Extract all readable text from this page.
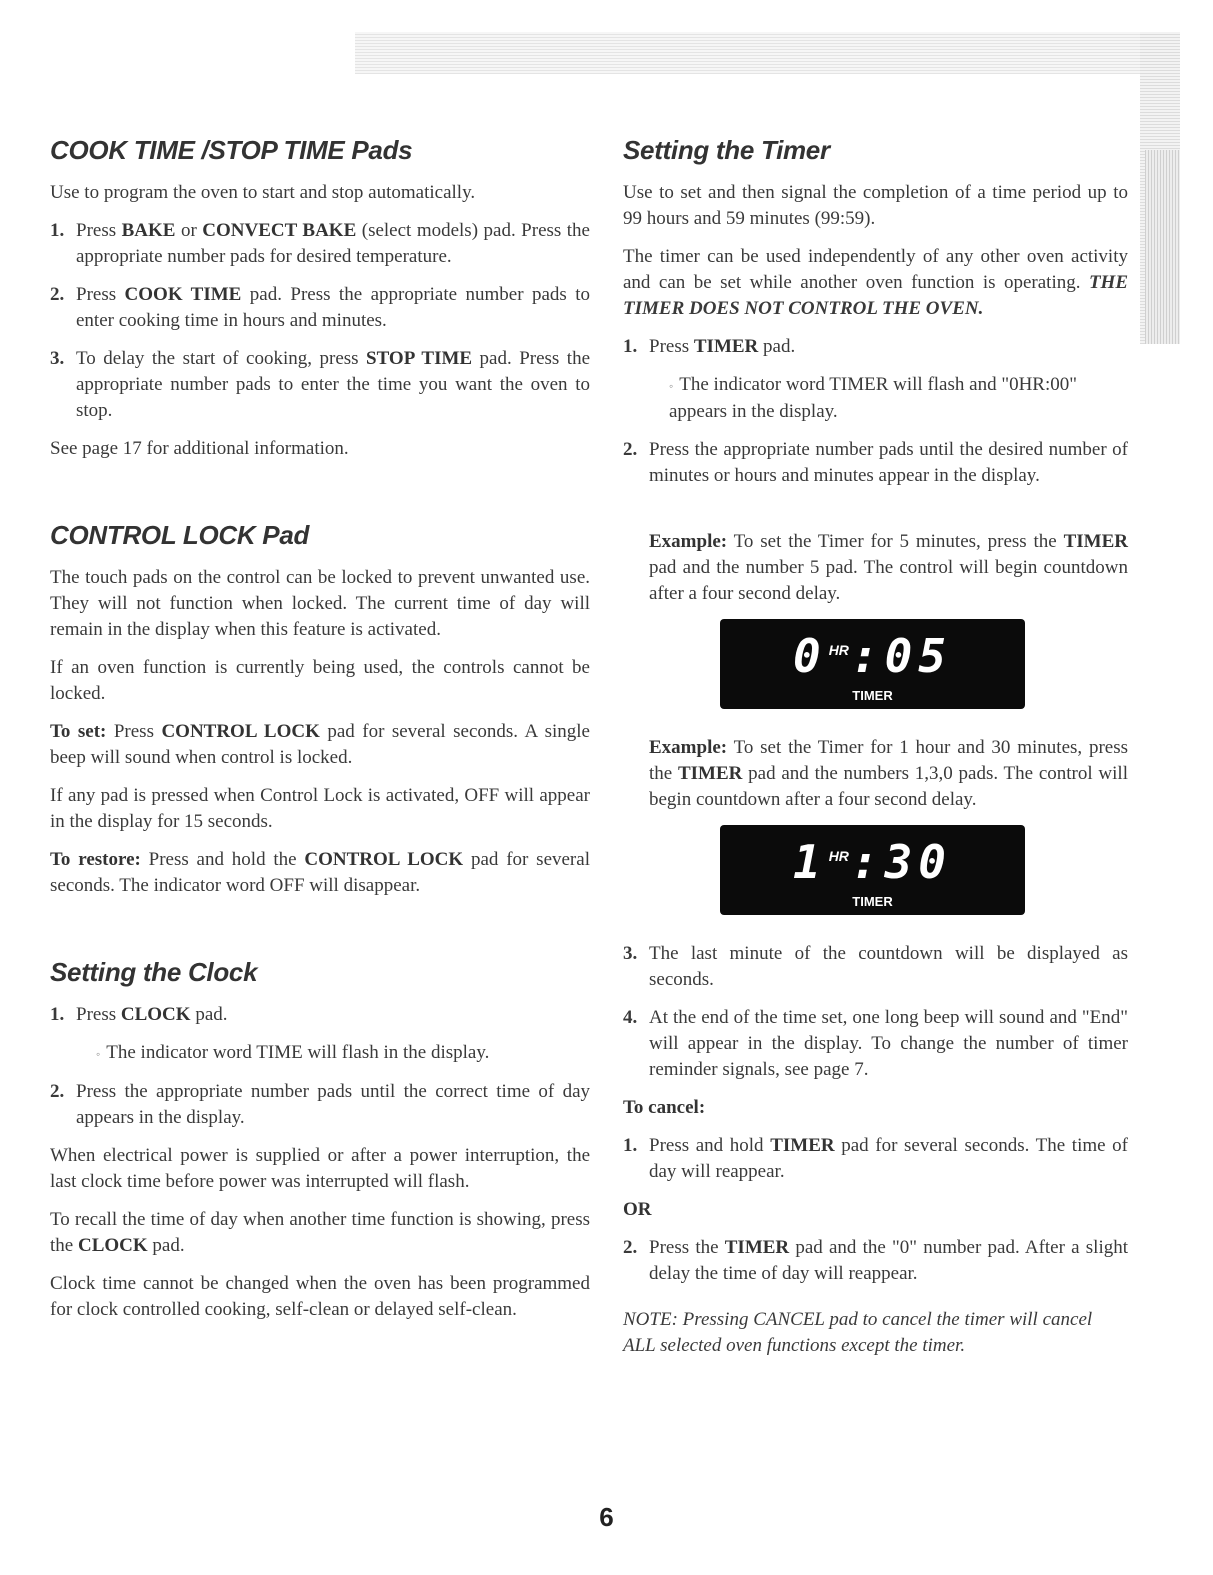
COOK TIME /STOP TIME Pads

Use to program the oven to start and stop automatically.

1. Press BAKE or CONVECT BAKE (select models) pad. Press the appropriate number pads for desired temperature.
2. Press COOK TIME pad. Press the appropriate number pads to enter cooking time in hours and minutes.
3. To delay the start of cooking, press STOP TIME pad. Press the appropriate number pads to enter the time you want the oven to stop.

See page 17 for additional information.

CONTROL LOCK Pad

The touch pads on the control can be locked to prevent unwanted use. They will not function when locked. The current time of day will remain in the display when this feature is activated.

If an oven function is currently being used, the controls cannot be locked.

To set: Press CONTROL LOCK pad for several seconds. A single beep will sound when control is locked.

If any pad is pressed when Control Lock is activated, OFF will appear in the display for 15 seconds.

To restore: Press and hold the CONTROL LOCK pad for several seconds. The indicator word OFF will disappear.

Setting the Clock
1. Press CLOCK pad.
◦ The indicator word TIME will flash in the display.
2. Press the appropriate number pads until the correct time of day appears in the display.

When electrical power is supplied or after a power interruption, the last clock time before power was interrupted will flash.

To recall the time of day when another time function is showing, press the CLOCK pad.

Clock time cannot be changed when the oven has been programmed for clock controlled cooking, self-clean or delayed self-clean.

Setting the Timer

Use to set and then signal the completion of a time period up to 99 hours and 59 minutes (99:59).

The timer can be used independently of any other oven activity and can be set while another oven function is operating. THE TIMER DOES NOT CONTROL THE OVEN.

1. Press TIMER pad.
◦ The indicator word TIMER will flash and "0HR:00" appears in the display.
2. Press the appropriate number pads until the desired number of minutes or hours and minutes appear in the display.

Example: To set the Timer for 5 minutes, press the TIMER pad and the number 5 pad. The control will begin countdown after a four second delay.

0 $^{HR}$:05
TIMER

Example: To set the Timer for 1 hour and 30 minutes, press the TIMER pad and the numbers 1,3,0 pads. The control will begin countdown after a four second delay.

1 $^{HR}$:30
TIMER
3. The last minute of the countdown will be displayed as seconds.
4. At the end of the time set, one long beep will sound and "End" will appear in the display. To change the number of timer reminder signals, see page 7.

To cancel:

1. Press and hold TIMER pad for several seconds. The time of day will reappear.

OR

2. Press the TIMER pad and the "0" number pad. After a slight delay the time of day will reappear.
NOTE: Pressing CANCEL pad to cancel the timer will cancel ALL selected oven functions except the timer.
6
